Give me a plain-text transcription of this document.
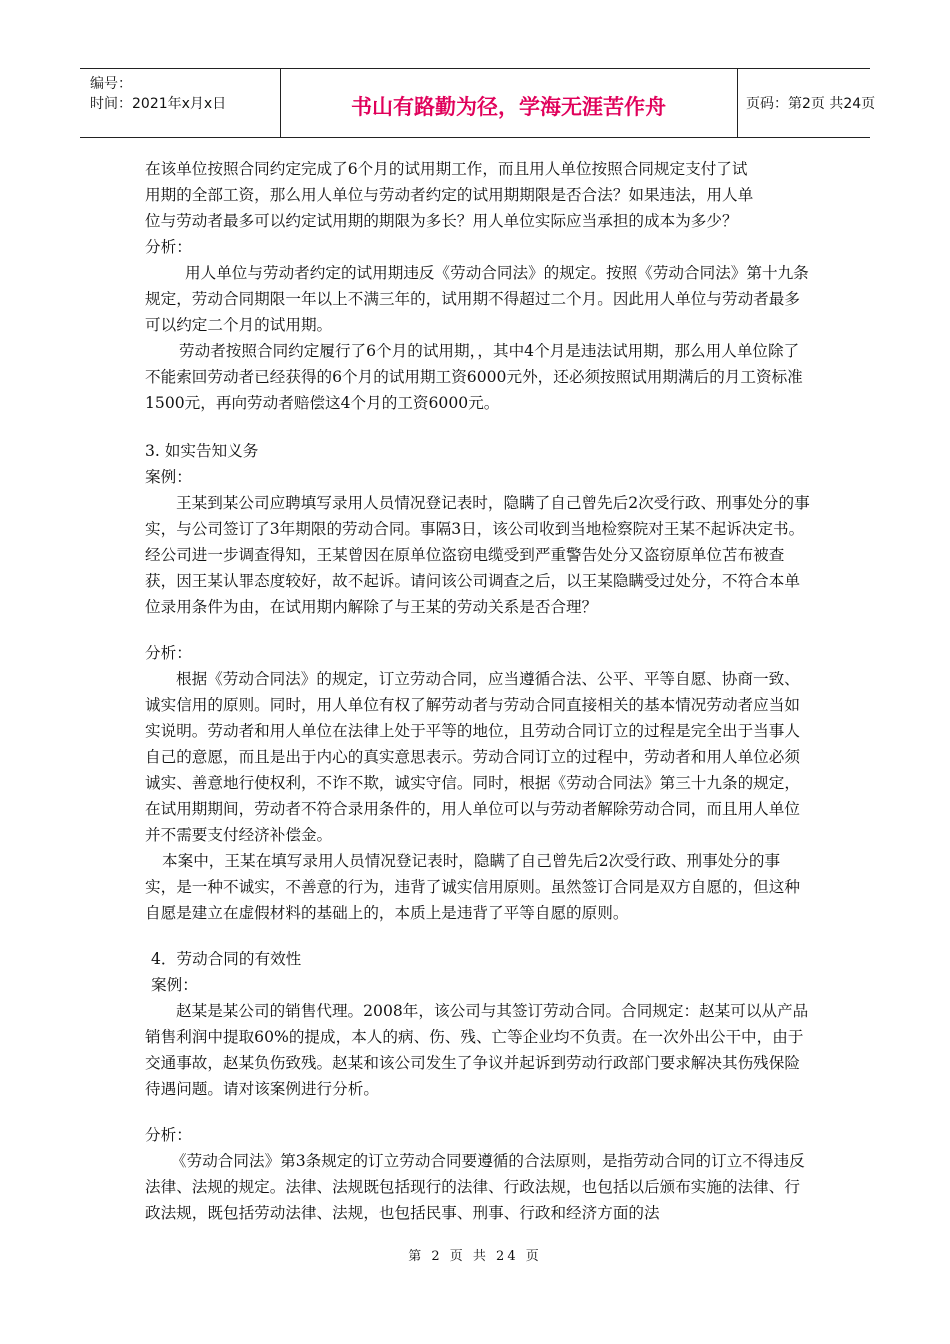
编号：
时间：2021年x月x日	书山有路勤为径，学海无涯苦作舟	页码：第2页 共24页

在该单位按照合同约定完成了6个月的试用期工作，而且用人单位按照合同规定支付了试

用期的全部工资，那么用人单位与劳动者约定的试用期期限是否合法？如果违法，用人单

位与劳动者最多可以约定试用期的期限为多长？用人单位实际应当承担的成本为多少？

分析：

用人单位与劳动者约定的试用期违反《劳动合同法》的规定。按照《劳动合同法》第十九条规定，劳动合同期限一年以上不满三年的，试用期不得超过二个月。因此用人单位与劳动者最多可以约定二个月的试用期。

劳动者按照合同约定履行了6个月的试用期，，其中4个月是违法试用期，那么用人单位除了不能索回劳动者已经获得的6个月的试用期工资6000元外，还必须按照试用期满后的月工资标准1500元，再向劳动者赔偿这4个月的工资6000元。

3. 如实告知义务

案例：

王某到某公司应聘填写录用人员情况登记表时，隐瞒了自己曾先后2次受行政、刑事处分的事实，与公司签订了3年期限的劳动合同。事隔3日，该公司收到当地检察院对王某不起诉决定书。经公司进一步调查得知，王某曾因在原单位盗窃电缆受到严重警告处分又盗窃原单位苫布被查获，因王某认罪态度较好，故不起诉。请问该公司调查之后，以王某隐瞒受过处分，不符合本单位录用条件为由，在试用期内解除了与王某的劳动关系是否合理？

分析：

根据《劳动合同法》的规定，订立劳动合同，应当遵循合法、公平、平等自愿、协商一致、诚实信用的原则。同时，用人单位有权了解劳动者与劳动合同直接相关的基本情况劳动者应当如实说明。劳动者和用人单位在法律上处于平等的地位，且劳动合同订立的过程是完全出于当事人自己的意愿，而且是出于内心的真实意思表示。劳动合同订立的过程中，劳动者和用人单位必须诚实、善意地行使权利，不诈不欺，诚实守信。同时，根据《劳动合同法》第三十九条的规定，在试用期期间，劳动者不符合录用条件的，用人单位可以与劳动者解除劳动合同，而且用人单位并不需要支付经济补偿金。

本案中，王某在填写录用人员情况登记表时，隐瞒了自己曾先后2次受行政、刑事处分的事实，是一种不诚实，不善意的行为，违背了诚实信用原则。虽然签订合同是双方自愿的，但这种自愿是建立在虚假材料的基础上的，本质上是违背了平等自愿的原则。

4．劳动合同的有效性

案例：

赵某是某公司的销售代理。2008年，该公司与其签订劳动合同。合同规定：赵某可以从产品销售利润中提取60%的提成，本人的病、伤、残、亡等企业均不负责。在一次外出公干中，由于交通事故，赵某负伤致残。赵某和该公司发生了争议并起诉到劳动行政部门要求解决其伤残保险待遇问题。请对该案例进行分析。

分析：

《劳动合同法》第3条规定的订立劳动合同要遵循的合法原则，是指劳动合同的订立不得违反法律、法规的规定。法律、法规既包括现行的法律、行政法规，也包括以后颁布实施的法律、行政法规，既包括劳动法律、法规，也包括民事、刑事、行政和经济方面的法

第 2 页 共 24 页
